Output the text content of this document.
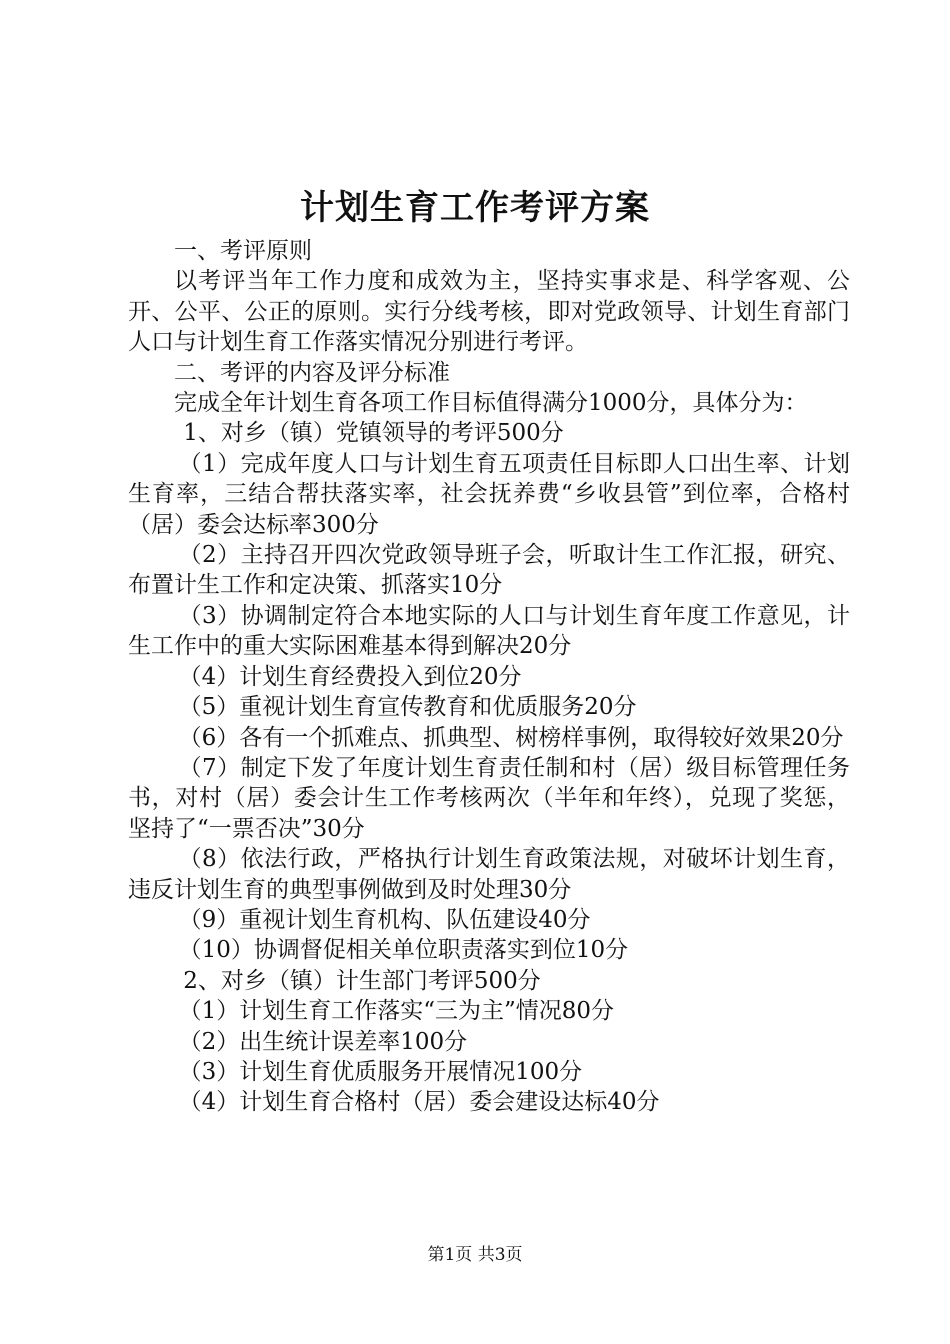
计划生育工作考评方案

一、考评原则

以考评当年工作力度和成效为主，坚持实事求是、科学客观、公开、公平、公正的原则。实行分线考核，即对党政领导、计划生育部门人口与计划生育工作落实情况分别进行考评。

二、考评的内容及评分标准

完成全年计划生育各项工作目标值得满分1000分，具体分为：

1、对乡（镇）党镇领导的考评500分

（1）完成年度人口与计划生育五项责任目标即人口出生率、计划生育率，三结合帮扶落实率，社会抚养费“乡收县管”到位率，合格村（居）委会达标率300分

（2）主持召开四次党政领导班子会，听取计生工作汇报，研究、布置计生工作和定决策、抓落实10分

（3）协调制定符合本地实际的人口与计划生育年度工作意见，计生工作中的重大实际困难基本得到解决20分

（4）计划生育经费投入到位20分

（5）重视计划生育宣传教育和优质服务20分

（6）各有一个抓难点、抓典型、树榜样事例，取得较好效果20分

（7）制定下发了年度计划生育责任制和村（居）级目标管理任务书，对村（居）委会计生工作考核两次（半年和年终），兑现了奖惩，坚持了“一票否决”30分

（8）依法行政，严格执行计划生育政策法规，对破坏计划生育，违反计划生育的典型事例做到及时处理30分

（9）重视计划生育机构、队伍建设40分

（10）协调督促相关单位职责落实到位10分

2、对乡（镇）计生部门考评500分

（1）计划生育工作落实“三为主”情况80分

（2）出生统计误差率100分

（3）计划生育优质服务开展情况100分

（4）计划生育合格村（居）委会建设达标40分

第1页 共3页
